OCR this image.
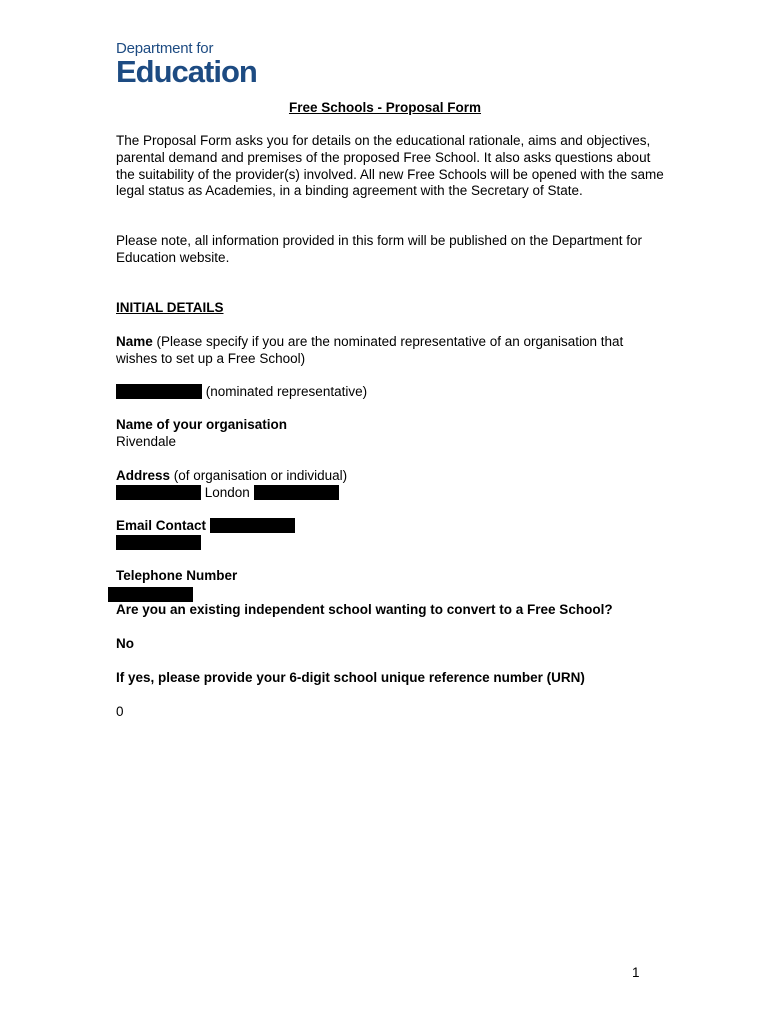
Department for
Education
Free Schools - Proposal Form
The Proposal Form asks you for details on the educational rationale, aims and objectives, parental demand and premises of the proposed Free School. It also asks questions about the suitability of the provider(s) involved. All new Free Schools will be opened with the same legal status as Academies, in a binding agreement with the Secretary of State.
Please note, all information provided in this form will be published on the Department for Education website.
INITIAL DETAILS
Name (Please specify if you are the nominated representative of an organisation that wishes to set up a Free School)
(nominated representative)
Name of your organisation
Rivendale
Address (of organisation or individual)
London
Email Contact
Telephone Number
Are you an existing independent school wanting to convert to a Free School?
No
If yes, please provide your 6-digit school unique reference number (URN)
0
1
